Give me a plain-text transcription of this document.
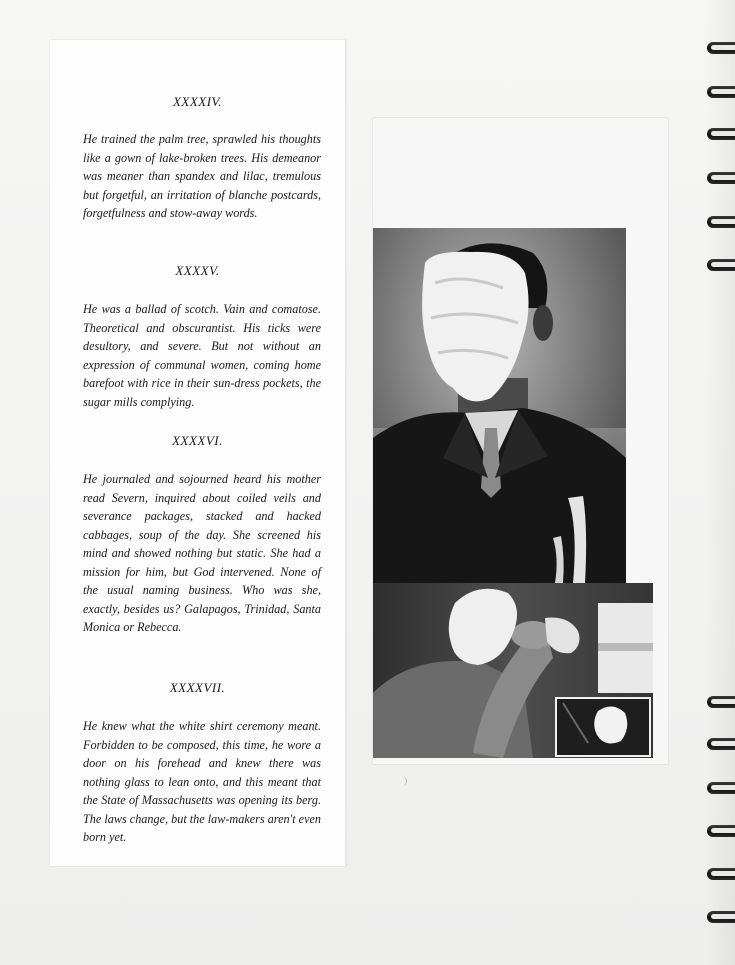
XXXXIV.
He trained the palm tree, sprawled his thoughts like a gown of lake-broken trees. His demeanor was meaner than spandex and lilac, tremulous but forgetful, an irritation of blanche postcards, forgetfulness and stow-away words.
XXXXV.
He was a ballad of scotch. Vain and comatose. Theoretical and obscurantist. His ticks were desultory, and severe. But not without an expression of communal women, coming home barefoot with rice in their sun-dress pockets, the sugar mills complying.
XXXXVI.
He journaled and sojourned heard his mother read Severn, inquired about coiled veils and severance packages, stacked and hacked cabbages, soup of the day. She screened his mind and showed nothing but static. She had a mission for him, but God intervened. None of the usual naming business. Who was she, exactly, besides us? Galapagos, Trinidad, Santa Monica or Rebecca.
XXXXVII.
He knew what the white shirt ceremony meant. Forbidden to be composed, this time, he wore a door on his forehead and knew there was nothing glass to lean onto, and this meant that the State of Massachusetts was opening its berg. The laws change, but the law-makers aren't even born yet.
